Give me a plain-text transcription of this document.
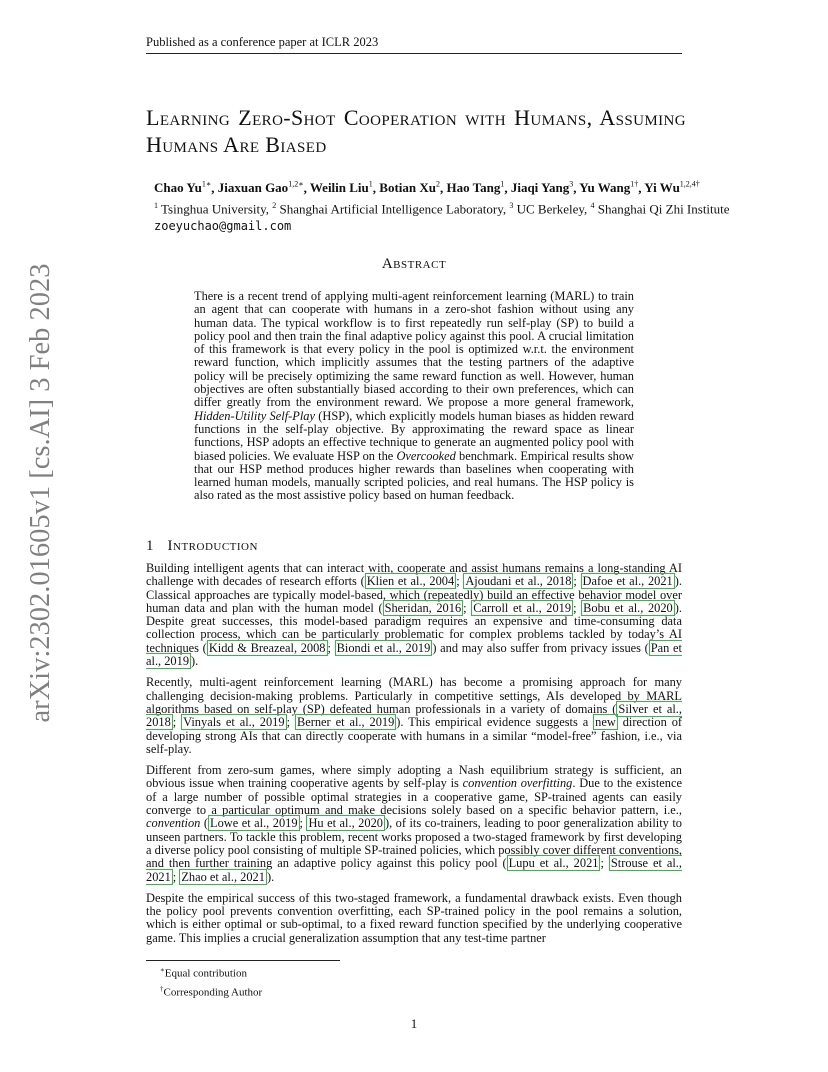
arXiv:2302.01605v1 [cs.AI] 3 Feb 2023
Published as a conference paper at ICLR 2023
Learning Zero-Shot Cooperation with Humans, Assuming Humans Are Biased
Chao $Yu^{1∗}$, Jiaxuan Gao$^{1,2∗}$, Weilin Liu$^1$, Botian Xu$^2$, Hao Tang$^1$, Jiaqi Yang$^3$, Yu Wang$^{1\dagger}$, Yi $Wu^{1,2,4\dagger}$
$^1$ Tsinghua University, $^2$ Shanghai Artificial Intelligence Laboratory, $^3$ UC Berkeley, $^4$ Shanghai Qi Zhi Institute
zoeyuchao@gmail.com
Abstract
There is a recent trend of applying multi-agent reinforcement learning (MARL) to train an agent that can cooperate with humans in a zero-shot fashion without using any human data. The typical workflow is to first repeatedly run self-play (SP) to build a policy pool and then train the final adaptive policy against this pool. A crucial limitation of this framework is that every policy in the pool is optimized w.r.t. the environment reward function, which implicitly assumes that the testing partners of the adaptive policy will be precisely optimizing the same reward function as well. However, human objectives are often substantially biased according to their own preferences, which can differ greatly from the environment reward. We propose a more general framework, Hidden-Utility Self-Play (HSP), which explicitly models human biases as hidden reward functions in the self-play objective. By approximating the reward space as linear functions, HSP adopts an effective technique to generate an augmented policy pool with biased policies. We evaluate HSP on the Overcooked benchmark. Empirical results show that our HSP method produces higher rewards than baselines when cooperating with learned human models, manually scripted policies, and real humans. The HSP policy is also rated as the most assistive policy based on human feedback.
1 Introduction

Building intelligent agents that can interact with, cooperate and assist humans remains a long-standing AI challenge with decades of research efforts ( Klien et al., 2004 ; Ajoudani et al., 2018 ; Dafoe et al., 2021 ). Classical approaches are typically model-based, which (repeatedly) build an effective behavior model over human data and plan with the human model ( Sheridan, 2016 ; Carroll et al., 2019 ; Bobu et al., 2020 ). Despite great successes, this model-based paradigm requires an expensive and time-consuming data collection process, which can be particularly problematic for complex problems tackled by today’s AI techniques ( Kidd & Breazeal, 2008 ; Biondi et al., 2019 ) and may also suffer from privacy issues ( Pan et al., 2019 ).

Recently, multi-agent reinforcement learning (MARL) has become a promising approach for many challenging decision-making problems. Particularly in competitive settings, AIs developed by MARL algorithms based on self-play (SP) defeated human professionals in a variety of domains ( Silver et al., 2018 ; Vinyals et al., 2019 ; Berner et al., 2019 ). This empirical evidence suggests a new direction of developing strong AIs that can directly cooperate with humans in a similar “model-free” fashion, i.e., via self-play.

Different from zero-sum games, where simply adopting a Nash equilibrium strategy is sufficient, an obvious issue when training cooperative agents by self-play is convention overfitting. Due to the existence of a large number of possible optimal strategies in a cooperative game, SP-trained agents can easily converge to a particular optimum and make decisions solely based on a specific behavior pattern, i.e., convention ( Lowe et al., 2019 ; Hu et al., 2020 ), of its co-trainers, leading to poor generalization ability to unseen partners. To tackle this problem, recent works proposed a two-staged framework by first developing a diverse policy pool consisting of multiple SP-trained policies, which possibly cover different conventions, and then further training an adaptive policy against this policy pool ( Lupu et al., 2021 ; Strouse et al., 2021 ; Zhao et al., 2021 ).

Despite the empirical success of this two-staged framework, a fundamental drawback exists. Even though the policy pool prevents convention overfitting, each SP-trained policy in the pool remains a solution, which is either optimal or sub-optimal, to a fixed reward function specified by the underlying cooperative game. This implies a crucial generalization assumption that any test-time partner

∗Equal contribution
†Corresponding Author
1
